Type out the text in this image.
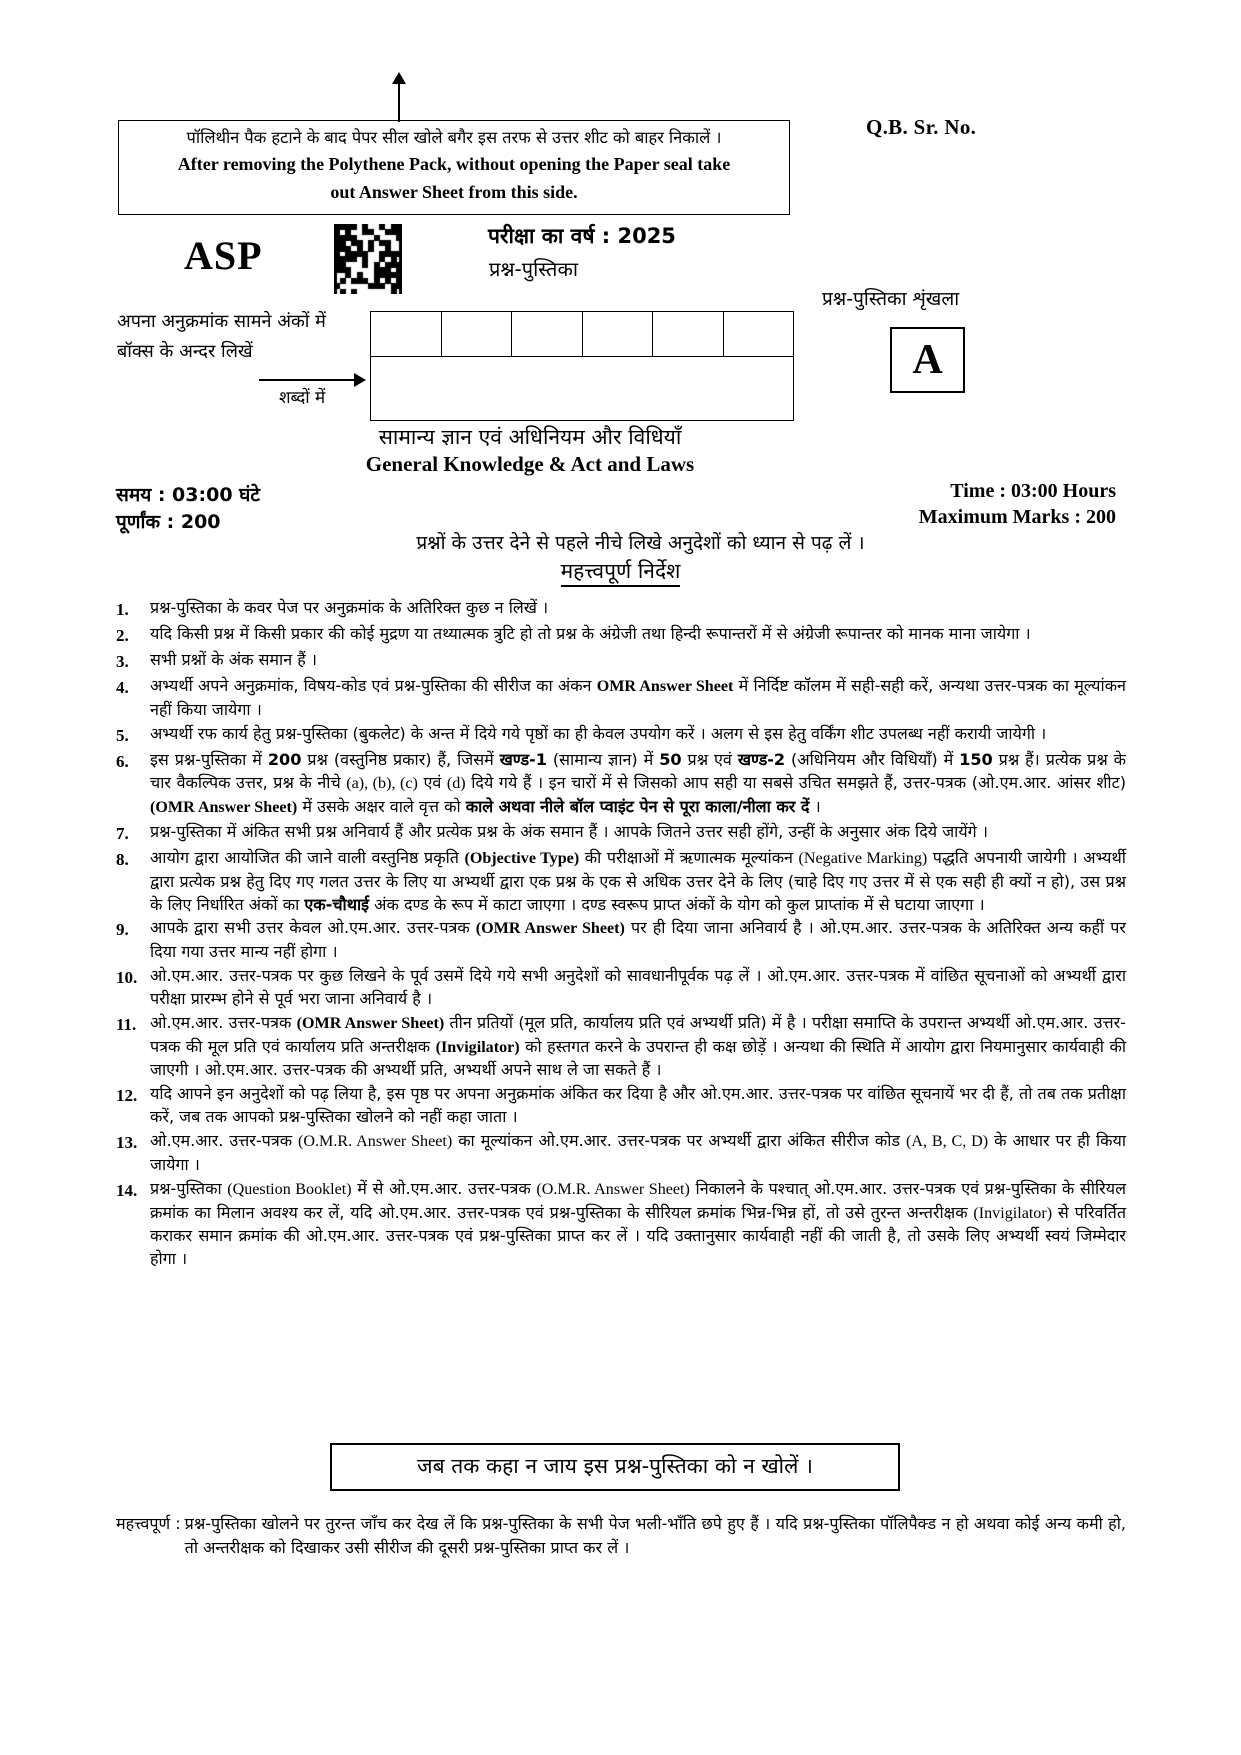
पॉलिथीन पैक हटाने के बाद पेपर सील खोले बगैर इस तरफ से उत्तर शीट को बाहर निकालें ।
After removing the Polythene Pack, without opening the Paper seal take
out Answer Sheet from this side.
Q.B. Sr. No.
ASP	परीक्षा का वर्ष : 2025
प्रश्न-पुस्तिका
प्रश्न-पुस्तिका शृंखला
A
अपना अनुक्रमांक सामने अंकों में
बॉक्स के अन्दर लिखें
शब्दों में
सामान्य ज्ञान एवं अधिनियम और विधियाँ
General Knowledge & Act and Laws
समय : 03:00 घंटे
पूर्णांक : 200
Time : 03:00 Hours
Maximum Marks : 200
प्रश्नों के उत्तर देने से पहले नीचे लिखे अनुदेशों को ध्यान से पढ़ लें ।
महत्त्वपूर्ण निर्देश
1.	प्रश्न-पुस्तिका के कवर पेज पर अनुक्रमांक के अतिरिक्त कुछ न लिखें ।
2.	यदि किसी प्रश्न में किसी प्रकार की कोई मुद्रण या तथ्यात्मक त्रुटि हो तो प्रश्न के अंग्रेजी तथा हिन्दी रूपान्तरों में से अंग्रेजी रूपान्तर को मानक माना जायेगा ।
3.	सभी प्रश्नों के अंक समान हैं ।
4.	अभ्यर्थी अपने अनुक्रमांक, विषय-कोड एवं प्रश्न-पुस्तिका की सीरीज का अंकन OMR Answer Sheet में निर्दिष्ट कॉलम में सही-सही करें, अन्यथा उत्तर-पत्रक का मूल्यांकन नहीं किया जायेगा ।
5.	अभ्यर्थी रफ कार्य हेतु प्रश्न-पुस्तिका (बुकलेट) के अन्त में दिये गये पृष्ठों का ही केवल उपयोग करें । अलग से इस हेतु वर्किंग शीट उपलब्ध नहीं करायी जायेगी ।
6.	इस प्रश्न-पुस्तिका में 200 प्रश्न (वस्तुनिष्ठ प्रकार) हैं, जिसमें खण्ड-1 (सामान्य ज्ञान) में 50 प्रश्न एवं खण्ड-2 (अधिनियम और विधियाँ) में 150 प्रश्न हैं। प्रत्येक प्रश्न के चार वैकल्पिक उत्तर, प्रश्न के नीचे (a), (b), (c) एवं (d) दिये गये हैं । इन चारों में से जिसको आप सही या सबसे उचित समझते हैं, उत्तर-पत्रक (ओ.एम.आर. आंसर शीट) (OMR Answer Sheet) में उसके अक्षर वाले वृत्त को काले अथवा नीले बॉल प्वाइंट पेन से पूरा काला/नीला कर दें ।
7.	प्रश्न-पुस्तिका में अंकित सभी प्रश्न अनिवार्य हैं और प्रत्येक प्रश्न के अंक समान हैं । आपके जितने उत्तर सही होंगे, उन्हीं के अनुसार अंक दिये जायेंगे ।
8.	आयोग द्वारा आयोजित की जाने वाली वस्तुनिष्ठ प्रकृति (Objective Type) की परीक्षाओं में ऋणात्मक मूल्यांकन (Negative Marking) पद्धति अपनायी जायेगी । अभ्यर्थी द्वारा प्रत्येक प्रश्न हेतु दिए गए गलत उत्तर के लिए या अभ्यर्थी द्वारा एक प्रश्न के एक से अधिक उत्तर देने के लिए (चाहे दिए गए उत्तर में से एक सही ही क्यों न हो), उस प्रश्न के लिए निर्धारित अंकों का एक-चौथाई अंक दण्ड के रूप में काटा जाएगा । दण्ड स्वरूप प्राप्त अंकों के योग को कुल प्राप्तांक में से घटाया जाएगा ।
9.	आपके द्वारा सभी उत्तर केवल ओ.एम.आर. उत्तर-पत्रक (OMR Answer Sheet) पर ही दिया जाना अनिवार्य है । ओ.एम.आर. उत्तर-पत्रक के अतिरिक्त अन्य कहीं पर दिया गया उत्तर मान्य नहीं होगा ।
10. ओ.एम.आर. उत्तर-पत्रक पर कुछ लिखने के पूर्व उसमें दिये गये सभी अनुदेशों को सावधानीपूर्वक पढ़ लें । ओ.एम.आर. उत्तर-पत्रक में वांछित सूचनाओं को अभ्यर्थी द्वारा परीक्षा प्रारम्भ होने से पूर्व भरा जाना अनिवार्य है ।
11. ओ.एम.आर. उत्तर-पत्रक (OMR Answer Sheet) तीन प्रतियों (मूल प्रति, कार्यालय प्रति एवं अभ्यर्थी प्रति) में है । परीक्षा समाप्ति के उपरान्त अभ्यर्थी ओ.एम.आर. उत्तर-पत्रक की मूल प्रति एवं कार्यालय प्रति अन्तरीक्षक (Invigilator) को हस्तगत करने के उपरान्त ही कक्ष छोड़ें । अन्यथा की स्थिति में आयोग द्वारा नियमानुसार कार्यवाही की जाएगी । ओ.एम.आर. उत्तर-पत्रक की अभ्यर्थी प्रति, अभ्यर्थी अपने साथ ले जा सकते हैं ।
12. यदि आपने इन अनुदेशों को पढ़ लिया है, इस पृष्ठ पर अपना अनुक्रमांक अंकित कर दिया है और ओ.एम.आर. उत्तर-पत्रक पर वांछित सूचनायें भर दी हैं, तो तब तक प्रतीक्षा करें, जब तक आपको प्रश्न-पुस्तिका खोलने को नहीं कहा जाता ।
13. ओ.एम.आर. उत्तर-पत्रक (O.M.R. Answer Sheet) का मूल्यांकन ओ.एम.आर. उत्तर-पत्रक पर अभ्यर्थी द्वारा अंकित सीरीज कोड (A, B, C, D) के आधार पर ही किया जायेगा ।
14. प्रश्न-पुस्तिका (Question Booklet) में से ओ.एम.आर. उत्तर-पत्रक (O.M.R. Answer Sheet) निकालने के पश्चात् ओ.एम.आर. उत्तर-पत्रक एवं प्रश्न-पुस्तिका के सीरियल क्रमांक का मिलान अवश्य कर लें, यदि ओ.एम.आर. उत्तर-पत्रक एवं प्रश्न-पुस्तिका के सीरियल क्रमांक भिन्न-भिन्न हों, तो उसे तुरन्त अन्तरीक्षक (Invigilator) से परिवर्तित कराकर समान क्रमांक की ओ.एम.आर. उत्तर-पत्रक एवं प्रश्न-पुस्तिका प्राप्त कर लें । यदि उक्तानुसार कार्यवाही नहीं की जाती है, तो उसके लिए अभ्यर्थी स्वयं जिम्मेदार होगा ।
जब तक कहा न जाय इस प्रश्न-पुस्तिका को न खोलें ।
महत्त्वपूर्ण : प्रश्न-पुस्तिका खोलने पर तुरन्त जाँच कर देख लें कि प्रश्न-पुस्तिका के सभी पेज भली-भाँति छपे हुए हैं । यदि प्रश्न-पुस्तिका पॉलिपैक्ड न हो अथवा कोई अन्य कमी हो, तो अन्तरीक्षक को दिखाकर उसी सीरीज की दूसरी प्रश्न-पुस्तिका प्राप्त कर लें ।
